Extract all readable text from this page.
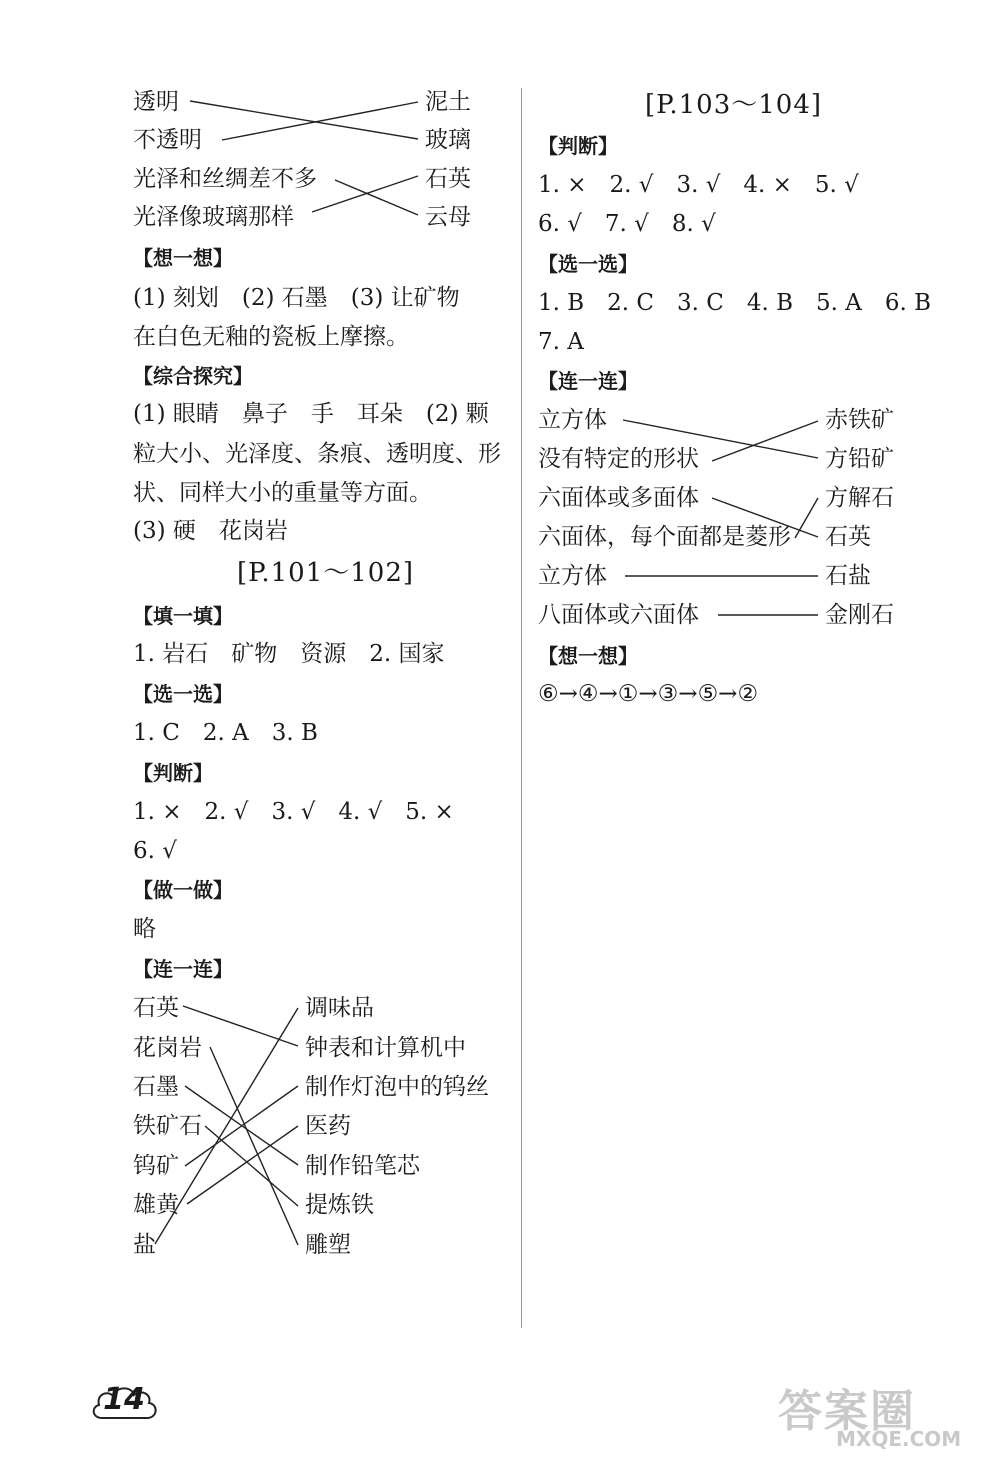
透明
不透明
光泽和丝绸差不多
光泽像玻璃那样
泥土
玻璃
石英
云母
【想一想】
(1) 刻划　(2) 石墨　(3) 让矿物
在白色无釉的瓷板上摩擦。
【综合探究】
(1) 眼睛　鼻子　手　耳朵　(2) 颗
粒大小、光泽度、条痕、透明度、形
状、同样大小的重量等方面。
(3) 硬　花岗岩
[P.101～102]
【填一填】
1. 岩石　矿物　资源　2. 国家
【选一选】
1. C　2. A　3. B
【判断】
1. ×　2. √　3. √　4. √　5. ×
6. √
【做一做】
略
【连一连】
石英
花岗岩
石墨
铁矿石
钨矿
雄黄
盐
调味品
钟表和计算机中
制作灯泡中的钨丝
医药
制作铅笔芯
提炼铁
雕塑
[P.103～104]
【判断】
1. ×　2. √　3. √　4. ×　5. √
6. √　7. √　8. √
【选一选】
1. B　2. C　3. C　4. B　5. A　6. B
7. A
【连一连】
立方体
没有特定的形状
六面体或多面体
六面体，每个面都是菱形
立方体
八面体或六面体
赤铁矿
方铅矿
方解石
石英
石盐
金刚石
【想一想】
⑥→④→①→③→⑤→②
14	答案圈
MXQE.COM
